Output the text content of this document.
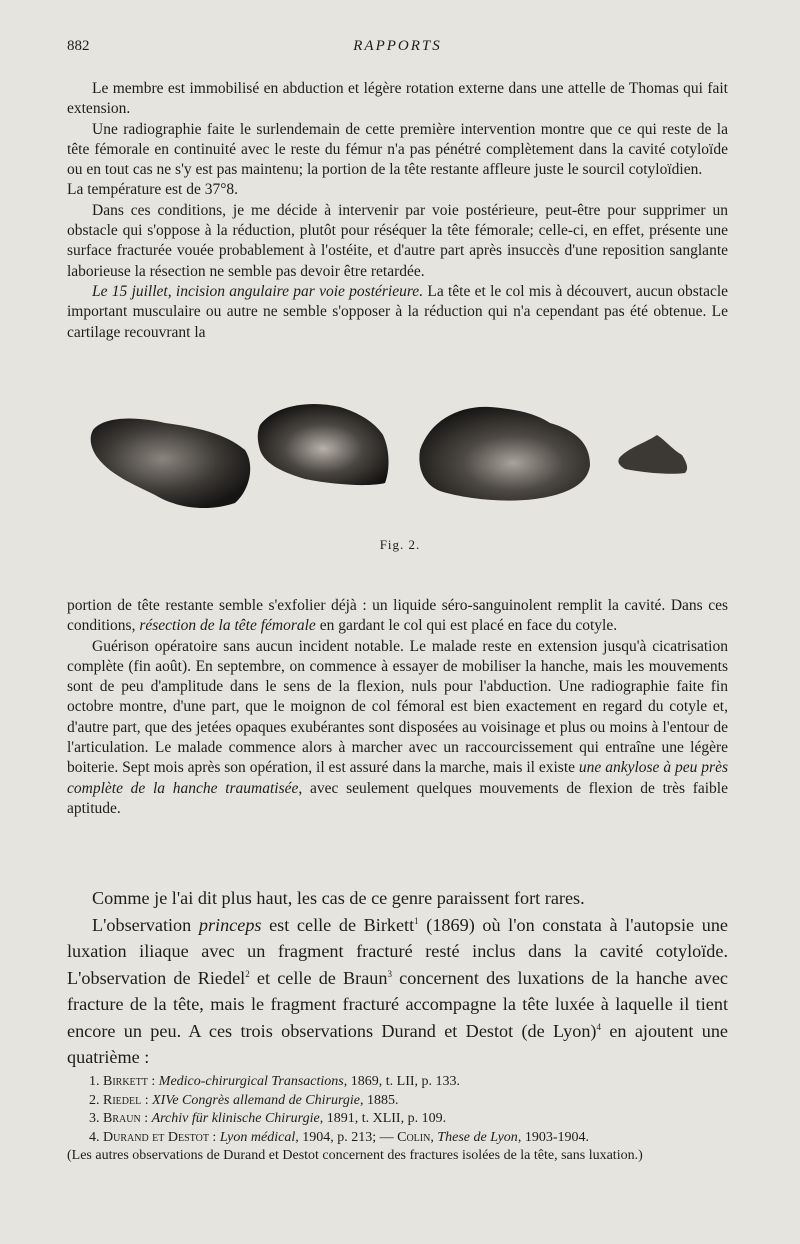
882	RAPPORTS

Le membre est immobilisé en abduction et légère rotation externe dans une attelle de Thomas qui fait extension.

Une radiographie faite le surlendemain de cette première intervention montre que ce qui reste de la tête fémorale en continuité avec le reste du fémur n'a pas pénétré complètement dans la cavité cotyloïde ou en tout cas ne s'y est pas maintenu; la portion de la tête restante affleure juste le sourcil cotyloïdien.

La température est de 37°8.

Dans ces conditions, je me décide à intervenir par voie postérieure, peut-être pour supprimer un obstacle qui s'oppose à la réduction, plutôt pour réséquer la tête fémorale; celle-ci, en effet, présente une surface fracturée vouée probablement à l'ostéite, et d'autre part après insuccès d'une reposition sanglante laborieuse la résection ne semble pas devoir être retardée.

Le 15 juillet, incision angulaire par voie postérieure. La tête et le col mis à découvert, aucun obstacle important musculaire ou autre ne semble s'opposer à la réduction qui n'a cependant pas été obtenue. Le cartilage recouvrant la

Fig. 2.

portion de tête restante semble s'exfolier déjà : un liquide séro-sanguinolent remplit la cavité. Dans ces conditions, résection de la tête fémorale en gardant le col qui est placé en face du cotyle.

Guérison opératoire sans aucun incident notable. Le malade reste en extension jusqu'à cicatrisation complète (fin août). En septembre, on commence à essayer de mobiliser la hanche, mais les mouvements sont de peu d'amplitude dans le sens de la flexion, nuls pour l'abduction. Une radiographie faite fin octobre montre, d'une part, que le moignon de col fémoral est bien exactement en regard du cotyle et, d'autre part, que des jetées opaques exubérantes sont disposées au voisinage et plus ou moins à l'entour de l'articulation. Le malade commence alors à marcher avec un raccourcissement qui entraîne une légère boiterie. Sept mois après son opération, il est assuré dans la marche, mais il existe une ankylose à peu près complète de la hanche traumatisée, avec seulement quelques mouvements de flexion de très faible aptitude.

Comme je l'ai dit plus haut, les cas de ce genre paraissent fort rares.

L'observation princeps est celle de Birkett$^1$ (1869) où l'on constata à l'autopsie une luxation iliaque avec un fragment fracturé resté inclus dans la cavité cotyloïde. L'observation de Riedel$^2$ et celle de Braun$^3$ concernent des luxations de la hanche avec fracture de la tête, mais le fragment fracturé accompagne la tête luxée à laquelle il tient encore un peu. A ces trois observations Durand et Destot (de Lyon)$^4$ en ajoutent une quatrième :

1. Birkett : Medico-chirurgical Transactions, 1869, t. LII, p. 133.
2. Riedel : XIVe Congrès allemand de Chirurgie, 1885.
3. Braun : Archiv für klinische Chirurgie, 1891, t. XLII, p. 109.
4. Durand et Destot : Lyon médical, 1904, p. 213; — Colin, These de Lyon, 1903-1904.
(Les autres observations de Durand et Destot concernent des fractures isolées de la tête, sans luxation.)
